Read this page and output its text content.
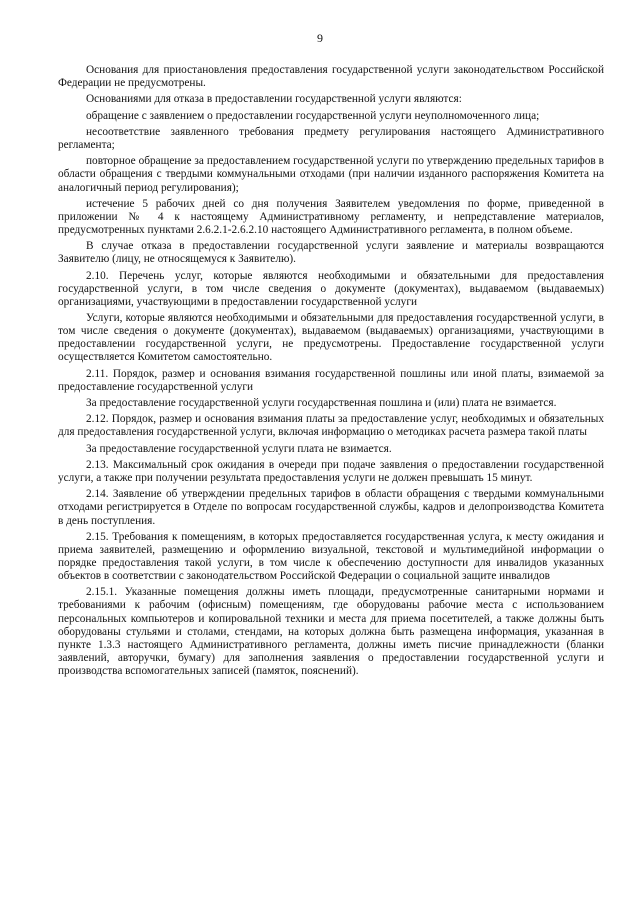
9

Основания для приостановления предоставления государственной услуги законодательством Российской Федерации не предусмотрены.

Основаниями для отказа в предоставлении государственной услуги являются:

обращение с заявлением о предоставлении государственной услуги неуполномоченного лица;

несоответствие заявленного требования предмету регулирования настоящего Административного регламента;

повторное обращение за предоставлением государственной услуги по утверждению предельных тарифов в области обращения с твердыми коммунальными отходами (при наличии изданного распоряжения Комитета на аналогичный период регулирования);

истечение 5 рабочих дней со дня получения Заявителем уведомления по форме, приведенной в приложении № 4 к настоящему Административному регламенту, и непредставление материалов, предусмотренных пунктами 2.6.2.1-2.6.2.10 настоящего Административного регламента, в полном объеме.

В случае отказа в предоставлении государственной услуги заявление и материалы возвращаются Заявителю (лицу, не относящемуся к Заявителю).

2.10. Перечень услуг, которые являются необходимыми и обязательными для предоставления государственной услуги, в том числе сведения о документе (документах), выдаваемом (выдаваемых) организациями, участвующими в предоставлении государственной услуги

Услуги, которые являются необходимыми и обязательными для предоставления государственной услуги, в том числе сведения о документе (документах), выдаваемом (выдаваемых) организациями, участвующими в предоставлении государственной услуги, не предусмотрены. Предоставление государственной услуги осуществляется Комитетом самостоятельно.

2.11. Порядок, размер и основания взимания государственной пошлины или иной платы, взимаемой за предоставление государственной услуги

За предоставление государственной услуги государственная пошлина и (или) плата не взимается.

2.12. Порядок, размер и основания взимания платы за предоставление услуг, необходимых и обязательных для предоставления государственной услуги, включая информацию о методиках расчета размера такой платы

За предоставление государственной услуги плата не взимается.

2.13. Максимальный срок ожидания в очереди при подаче заявления о предоставлении государственной услуги, а также при получении результата предоставления услуги не должен превышать 15 минут.

2.14. Заявление об утверждении предельных тарифов в области обращения с твердыми коммунальными отходами регистрируется в Отделе по вопросам государственной службы, кадров и делопроизводства Комитета в день поступления.

2.15. Требования к помещениям, в которых предоставляется государственная услуга, к месту ожидания и приема заявителей, размещению и оформлению визуальной, текстовой и мультимедийной информации о порядке предоставления такой услуги, в том числе к обеспечению доступности для инвалидов указанных объектов в соответствии с законодательством Российской Федерации о социальной защите инвалидов

2.15.1. Указанные помещения должны иметь площади, предусмотренные санитарными нормами и требованиями к рабочим (офисным) помещениям, где оборудованы рабочие места с использованием персональных компьютеров и копировальной техники и места для приема посетителей, а также должны быть оборудованы стульями и столами, стендами, на которых должна быть размещена информация, указанная в пункте 1.3.3 настоящего Административного регламента, должны иметь писчие принадлежности (бланки заявлений, авторучки, бумагу) для заполнения заявления о предоставлении государственной услуги и производства вспомогательных записей (памяток, пояснений).
